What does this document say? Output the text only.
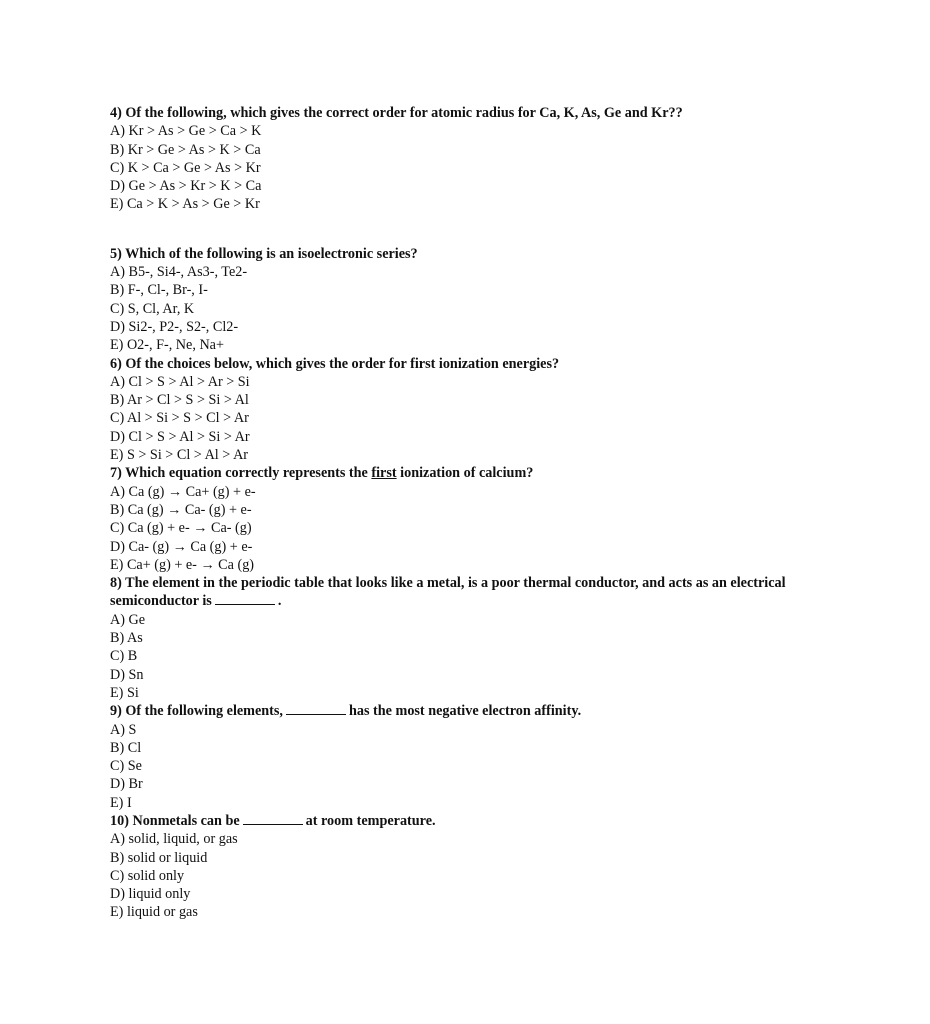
4) Of the following, which gives the correct order for atomic radius for Ca, K, As, Ge and Kr??

A) Kr > As > Ge > Ca > K

B) Kr > Ge > As > K > Ca

C) K > Ca > Ge > As > Kr

D) Ge > As > Kr > K > Ca

E) Ca > K > As > Ge > Kr

5) Which of the following is an isoelectronic series?

A) B5-, Si4-, As3-, Te2-

B) F-, Cl-, Br-, I-

C) S, Cl, Ar, K

D) Si2-, P2-, S2-, Cl2-

E) O2-, F-, Ne, Na+

6) Of the choices below, which gives the order for first ionization energies?

A) Cl > S > Al > Ar > Si

B) Ar > Cl > S > Si > Al

C) Al > Si > S > Cl > Ar

D) Cl > S > Al > Si > Ar

E) S > Si > Cl > Al > Ar

7) Which equation correctly represents the first ionization of calcium?

A) Ca (g) → Ca+ (g) + e-

B) Ca (g) → Ca- (g) + e-

C) Ca (g) + e- → Ca- (g)

D) Ca- (g) → Ca (g) + e-

E) Ca+ (g) + e- → Ca (g)

8) The element in the periodic table that looks like a metal, is a poor thermal conductor, and acts as an electrical semiconductor is	.

A) Ge

B) As

C) B

D) Sn

E) Si

9) Of the following elements,	has the most negative electron affinity.

A) S

B) Cl

C) Se

D) Br

E) I

10) Nonmetals can be	at room temperature.

A) solid, liquid, or gas

B) solid or liquid

C) solid only

D) liquid only

E) liquid or gas
